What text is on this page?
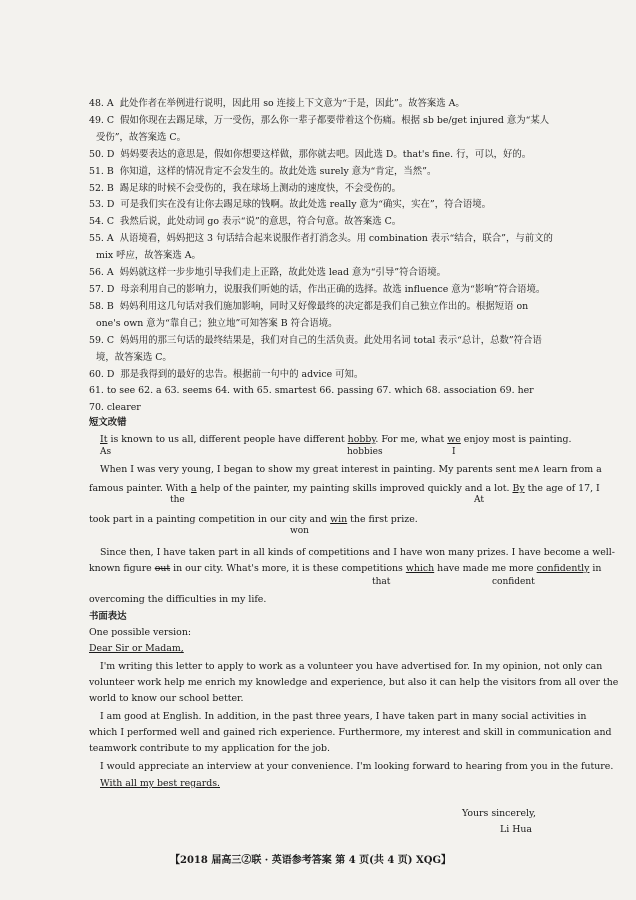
48. A 此处作者在举例进行说明，因此用 so 连接上下文意为“于是，因此”。故答案选 A。
49. C 假如你现在去踢足球，万一受伤，那么你一辈子都要带着这个伤痛。根据 sb be/get injured 意为“某人
受伤”，故答案选 C。
50. D 妈妈要表达的意思是，假如你想要这样做，那你就去吧。因此选 D。that's fine. 行，可以，好的。
51. B 你知道，这样的情况肯定不会发生的。故此处选 surely 意为“肯定，当然”。
52. B 踢足球的时候不会受伤的，我在球场上测动的速度快，不会受伤的。
53. D 可是我们实在没有让你去踢足球的钱啊。故此处选 really 意为“确实，实在”，符合语境。
54. C 我然后说，此处动词 go 表示“说”的意思，符合句意。故答案选 C。
55. A 从语境看，妈妈把这 3 句话结合起来说服作者打消念头。用 combination 表示“结合，联合”，与前文的
mix 呼应，故答案选 A。
56. A 妈妈就这样一步步地引导我们走上正路，故此处选 lead 意为“引导”符合语境。
57. D 母亲利用自己的影响力，说服我们听她的话，作出正确的选择。故选 influence 意为“影响”符合语境。
58. B 妈妈利用这几句话对我们施加影响，同时又好像最终的决定都是我们自己独立作出的。根据短语 on
one's own 意为“靠自己；独立地”可知答案 B 符合语境。
59. C 妈妈用的那三句话的最终结果是，我们对自己的生活负责。此处用名词 total 表示“总计，总数”符合语
境，故答案选 C。
60. D 那是我得到的最好的忠告。根据前一句中的 advice 可知。
61. to see 62. a 63. seems 64. with 65. smartest 66. passing 67. which 68. association 69. her
70. clearer
短文改错
It is known to us all, different people have different hobby. For me, what we enjoy most is painting.
As	hobbies	I
When I was very young, I began to show my great interest in painting. My parents sent me∧ learn from a
famous painter. With a help of the painter, my painting skills improved quickly and a lot. By the age of 17, I
the	At
took part in a painting competition in our city and win the first prize.
won
Since then, I have taken part in all kinds of competitions and I have won many prizes. I have become a well-
known figure out in our city. What's more, it is these competitions which have made me more confidently in
that	confident
overcoming the difficulties in my life.
书面表达
One possible version:
Dear Sir or Madam,
I'm writing this letter to apply to work as a volunteer you have advertised for. In my opinion, not only can
volunteer work help me enrich my knowledge and experience, but also it can help the visitors from all over the
world to know our school better.
I am good at English. In addition, in the past three years, I have taken part in many social activities in
which I performed well and gained rich experience. Furthermore, my interest and skill in communication and
teamwork contribute to my application for the job.
I would appreciate an interview at your convenience. I'm looking forward to hearing from you in the future.
With all my best regards.
Yours sincerely,
Li Hua
【2018 届高三②联 · 英语参考答案 第 4 页(共 4 页) XQG】
